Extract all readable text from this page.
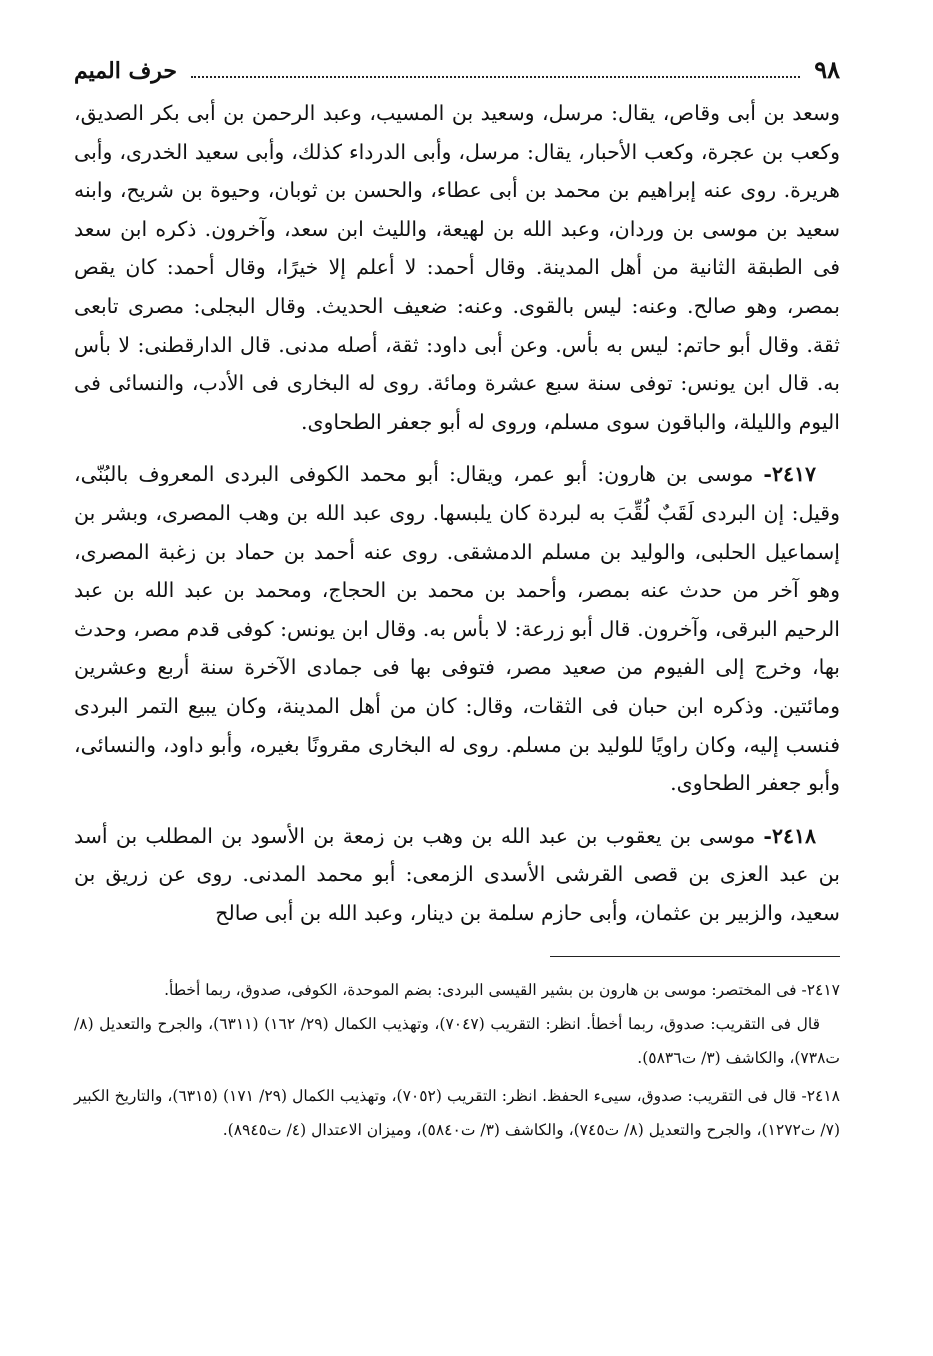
٩٨
حرف الميم

وسعد بن أبى وقاص، يقال: مرسل، وسعيد بن المسيب، وعبد الرحمن بن أبى بكر الصديق، وكعب بن عجرة، وكعب الأحبار، يقال: مرسل، وأبى الدرداء كذلك، وأبى سعيد الخدرى، وأبى هريرة. روى عنه إبراهيم بن محمد بن أبى عطاء، والحسن بن ثوبان، وحيوة بن شريح، وابنه سعيد بن موسى بن وردان، وعبد الله بن لهيعة، والليث ابن سعد، وآخرون. ذكره ابن سعد فى الطبقة الثانية من أهل المدينة. وقال أحمد: لا أعلم إلا خيرًا، وقال أحمد: كان يقص بمصر، وهو صالح. وعنه: ليس بالقوى. وعنه: ضعيف الحديث. وقال البجلى: مصرى تابعى ثقة. وقال أبو حاتم: ليس به بأس. وعن أبى داود: ثقة، أصله مدنى. قال الدارقطنى: لا بأس به. قال ابن يونس: توفى سنة سبع عشرة ومائة. روى له البخارى فى الأدب، والنسائى فى اليوم والليلة، والباقون سوى مسلم، وروى له أبو جعفر الطحاوى.

٢٤١٧- موسى بن هارون: أبو عمر، ويقال: أبو محمد الكوفى البردى المعروف بالبُنّى، وقيل: إن البردى لَقَبٌ لُقِّبَ به لبردة كان يلبسها. روى عبد الله بن وهب المصرى، وبشر بن إسماعيل الحلبى، والوليد بن مسلم الدمشقى. روى عنه أحمد بن حماد بن زغبة المصرى، وهو آخر من حدث عنه بمصر، وأحمد بن محمد بن الحجاج، ومحمد بن عبد الله بن عبد الرحيم البرقى، وآخرون. قال أبو زرعة: لا بأس به. وقال ابن يونس: كوفى قدم مصر، وحدث بها، وخرج إلى الفيوم من صعيد مصر، فتوفى بها فى جمادى الآخرة سنة أربع وعشرين ومائتين. وذكره ابن حبان فى الثقات، وقال: كان من أهل المدينة، وكان يبيع التمر البردى فنسب إليه، وكان راويًا للوليد بن مسلم. روى له البخارى مقرونًا بغيره، وأبو داود، والنسائى، وأبو جعفر الطحاوى.

٢٤١٨- موسى بن يعقوب بن عبد الله بن وهب بن زمعة بن الأسود بن المطلب بن أسد بن عبد العزى بن قصى القرشى الأسدى الزمعى: أبو محمد المدنى. روى عن زريق بن سعيد، والزبير بن عثمان، وأبى حازم سلمة بن دينار، وعبد الله بن أبى صالح

٢٤١٧- فى المختصر: موسى بن هارون بن بشير القيسى البردى: بضم الموحدة، الكوفى، صدوق، ربما أخطأ.

قال فى التقريب: صدوق، ربما أخطأ. انظر: التقريب (٧٠٤٧)، وتهذيب الكمال (٢٩/ ١٦٢) (٦٣١١)، والجرح والتعديل (٨/ ت٧٣٨)، والكاشف (٣/ ت٥٨٣٦).

٢٤١٨- قال فى التقريب: صدوق، سيىء الحفظ. انظر: التقريب (٧٠٥٢)، وتهذيب الكمال (٢٩/ ١٧١) (٦٣١٥)، والتاريخ الكبير (٧/ ت١٢٧٢)، والجرح والتعديل (٨/ ت٧٤٥)، والكاشف (٣/ ت٥٨٤٠)، وميزان الاعتدال (٤/ ت٨٩٤٥).
